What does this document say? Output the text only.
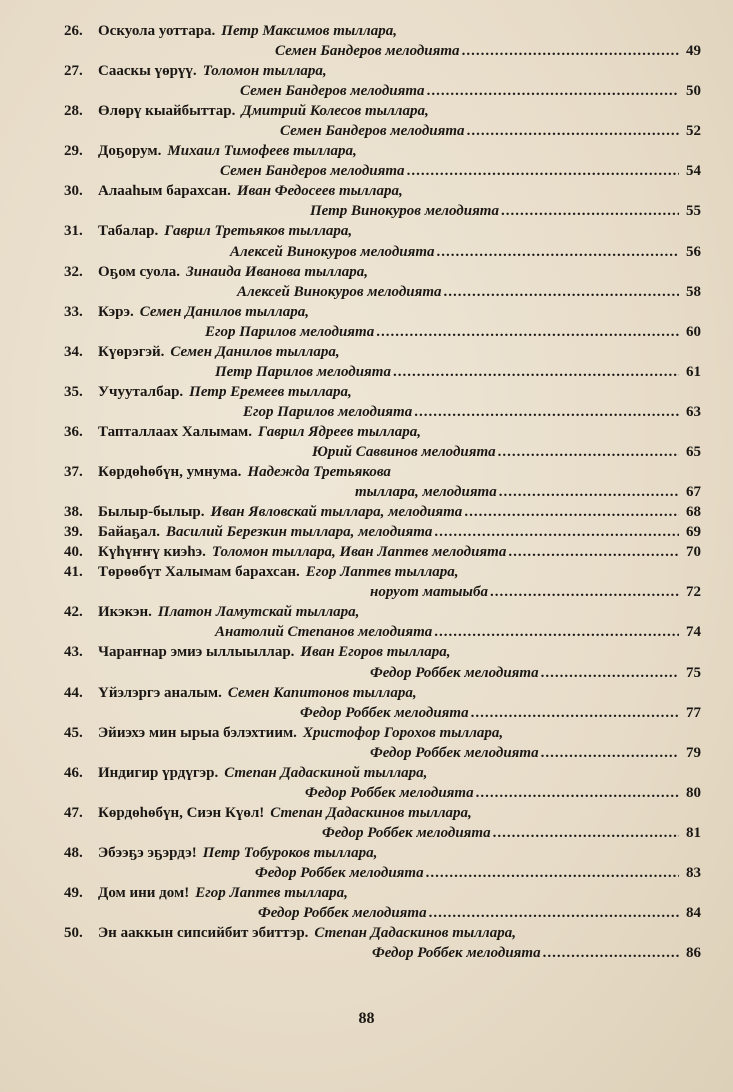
26.	Оскуола уоттара. Петр Максимов тыллара,
Семен Бандеров мелодията .....	49
27.	Сааскы үөрүү. Толомон тыллара,
Семен Бандеров мелодията .....	50
28.	Өлөрү кыайбыттар. Дмитрий Колесов тыллара,
Семен Бандеров мелодията .....	52
29.	Доҕорум. Михаил Тимофеев тыллара,
Семен Бандеров мелодията .....	54
30.	Алааһым барахсан. Иван Федосеев тыллара,
Петр Винокуров мелодията .....	55
31.	Табалар. Гаврил Третьяков тыллара,
Алексей Винокуров мелодията .....	56
32.	Оҕом суола. Зинаида Иванова тыллара,
Алексей Винокуров мелодията .....	58
33.	Кэрэ. Семен Данилов тыллара,
Егор Парилов мелодията .....	60
34.	Күөрэгэй. Семен Данилов тыллара,
Петр Парилов мелодията .....	61
35.	Учууталбар. Петр Еремеев тыллара,
Егор Парилов мелодията .....	63
36.	Тапталлаах Халымам. Гаврил Ядреев тыллара,
Юрий Саввинов мелодията .....	65
37.	Көрдөһөбүн, умнума. Надежда Третьякова
тыллара, мелодията .....	67
38.	Былыр-былыр. Иван Явловскай тыллара, мелодията .....	68
39.	Байаҕал. Василий Березкин тыллара, мелодията .....	69
40.	Күһүҥҥү киэһэ. Толомон тыллара, Иван Лаптев мелодията .....	70
41.	Төрөөбүт Халымам барахсан. Егор Лаптев тыллара,
норуот матыыба .....	72
42.	Икэкэн. Платон Ламутскай тыллара,
Анатолий Степанов мелодията .....	74
43.	Чараҥнар эмиэ ыллыыллар. Иван Егоров тыллара,
Федор Роббек мелодията .....	75
44.	Үйэлэргэ аналым. Семен Капитонов тыллара,
Федор Роббек мелодията .....	77
45.	Эйиэхэ мин ырыа бэлэхтиим. Христофор Горохов тыллара,
Федор Роббек мелодията .....	79
46.	Индигир үрдүгэр. Степан Дадаскиной тыллара,
Федор Роббек мелодията .....	80
47.	Көрдөһөбүн, Сиэн Күөл! Степан Дадаскинов тыллара,
Федор Роббек мелодията .....	81
48.	Эбээҕэ эҕэрдэ! Петр Тобуроков тыллара,
Федор Роббек мелодията .....	83
49.	Дом ини дом! Егор Лаптев тыллара,
Федор Роббек мелодията .....	84
50.	Эн ааккын сипсийбит эбиттэр. Степан Дадаскинов тыллара,
Федор Роббек мелодията .....	86
88
